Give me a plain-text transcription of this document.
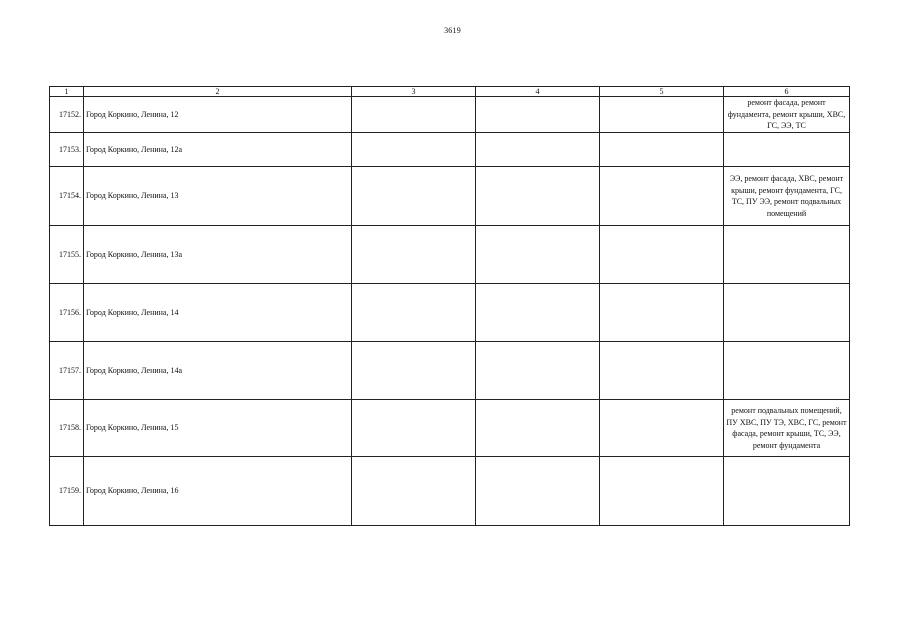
3619
1	2	3	4	5	6
17152.	Город Коркино, Ленина, 12				ремонт фасада, ремонт фундамента, ремонт крыши, ХВС, ГС, ЭЭ, ТС
17153.	Город Коркино, Ленина, 12а				
17154.	Город Коркино, Ленина, 13				ЭЭ, ремонт фасада, ХВС, ремонт крыши, ремонт фундамента, ГС, ТС, ПУ ЭЭ, ремонт подвальных помещений
17155.	Город Коркино, Ленина, 13а				
17156.	Город Коркино, Ленина, 14				
17157.	Город Коркино, Ленина, 14а				
17158.	Город Коркино, Ленина, 15				ремонт подвальных помещений, ПУ ХВС, ПУ ТЭ, ХВС, ГС, ремонт фасада, ремонт крыши, ТС, ЭЭ, ремонт фундамента
17159.	Город Коркино, Ленина, 16				
